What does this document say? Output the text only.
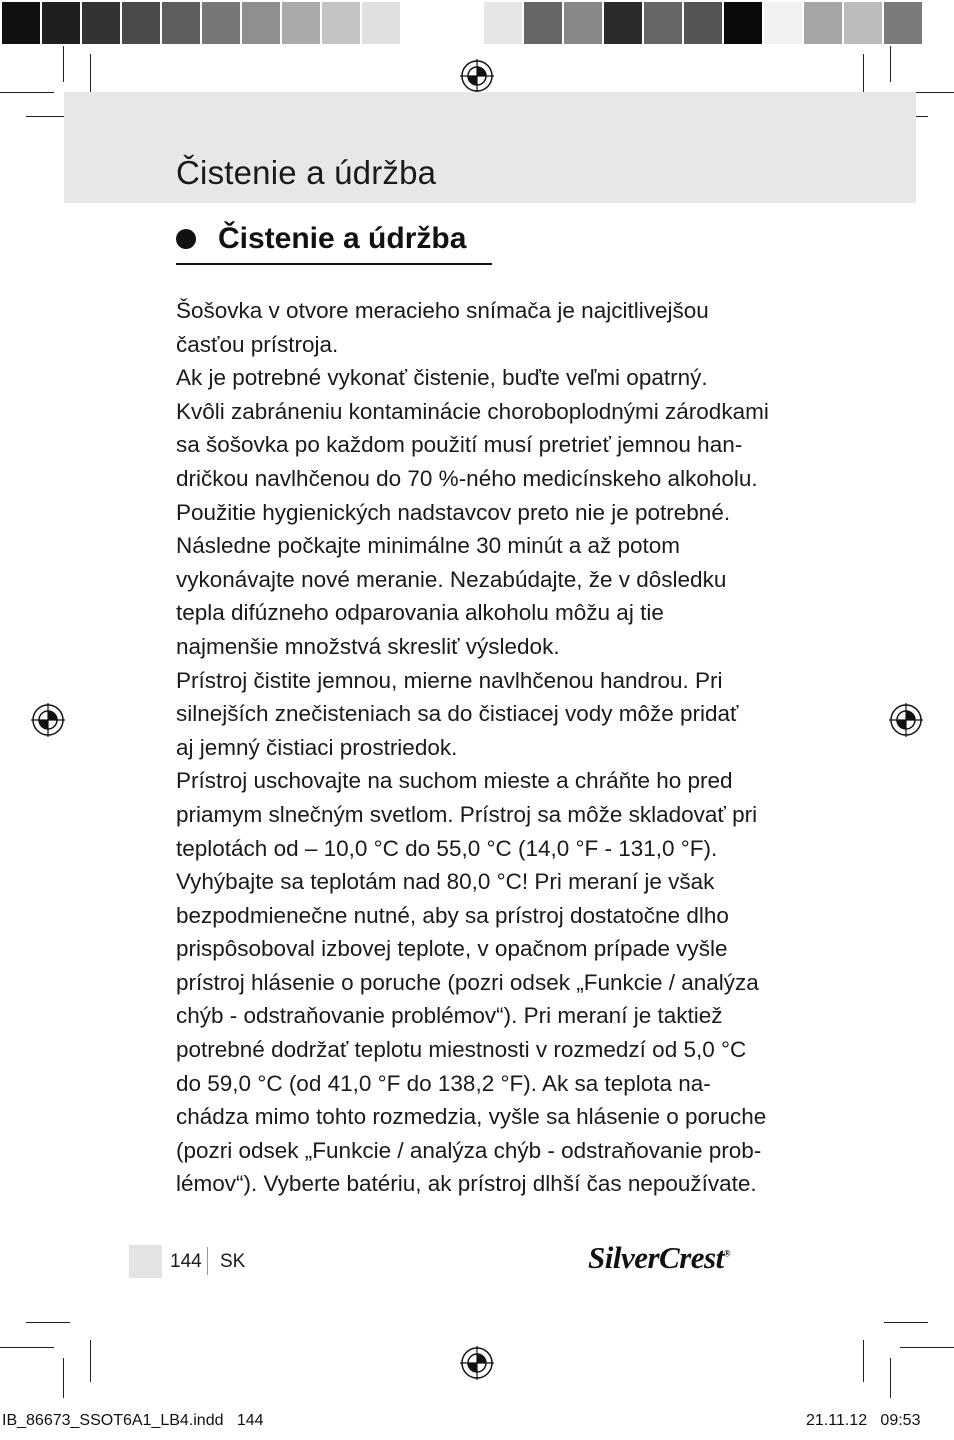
Čistenie a údržba
Čistenie a údržba
Šošovka v otvore meracieho snímača je najcitlivejšou
časťou prístroja.
Ak je potrebné vykonať čistenie, buďte veľmi opatrný.
Kvôli zabráneniu kontaminácie choroboplodnými zárodkami
sa šošovka po každom použití musí pretrieť jemnou han-
dričkou navlhčenou do 70 %-ného medicínskeho alkoholu.
Použitie hygienických nadstavcov preto nie je potrebné.
Následne počkajte minimálne 30 minút a až potom
vykonávajte nové meranie. Nezabúdajte, že v dôsledku
tepla difúzneho odparovania alkoholu môžu aj tie
najmenšie množstvá skresliť výsledok.
Prístroj čistite jemnou, mierne navlhčenou handrou. Pri
silnejších znečisteniach sa do čistiacej vody môže pridať
aj jemný čistiaci prostriedok.
Prístroj uschovajte na suchom mieste a chráňte ho pred
priamym slnečným svetlom. Prístroj sa môže skladovať pri
teplotách od – 10,0 °C do 55,0 °C (14,0 °F - 131,0 °F).
Vyhýbajte sa teplotám nad 80,0 °C! Pri meraní je však
bezpodmienečne nutné, aby sa prístroj dostatočne dlho
prispôsoboval izbovej teplote, v opačnom prípade vyšle
prístroj hlásenie o poruche (pozri odsek „Funkcie / analýza
chýb - odstraňovanie problémov“). Pri meraní je taktiež
potrebné dodržať teplotu miestnosti v rozmedzí od 5,0 °C
do 59,0 °C (od 41,0 °F do 138,2 °F). Ak sa teplota na-
chádza mimo tohto rozmedzia, vyšle sa hlásenie o poruche
(pozri odsek „Funkcie / analýza chýb - odstraňovanie prob-
lémov“). Vyberte batériu, ak prístroj dlhší čas nepoužívate.
144 SK	SilverCrest®
IB_86673_SSOT6A1_LB4.indd   144	21.11.12   09:53
